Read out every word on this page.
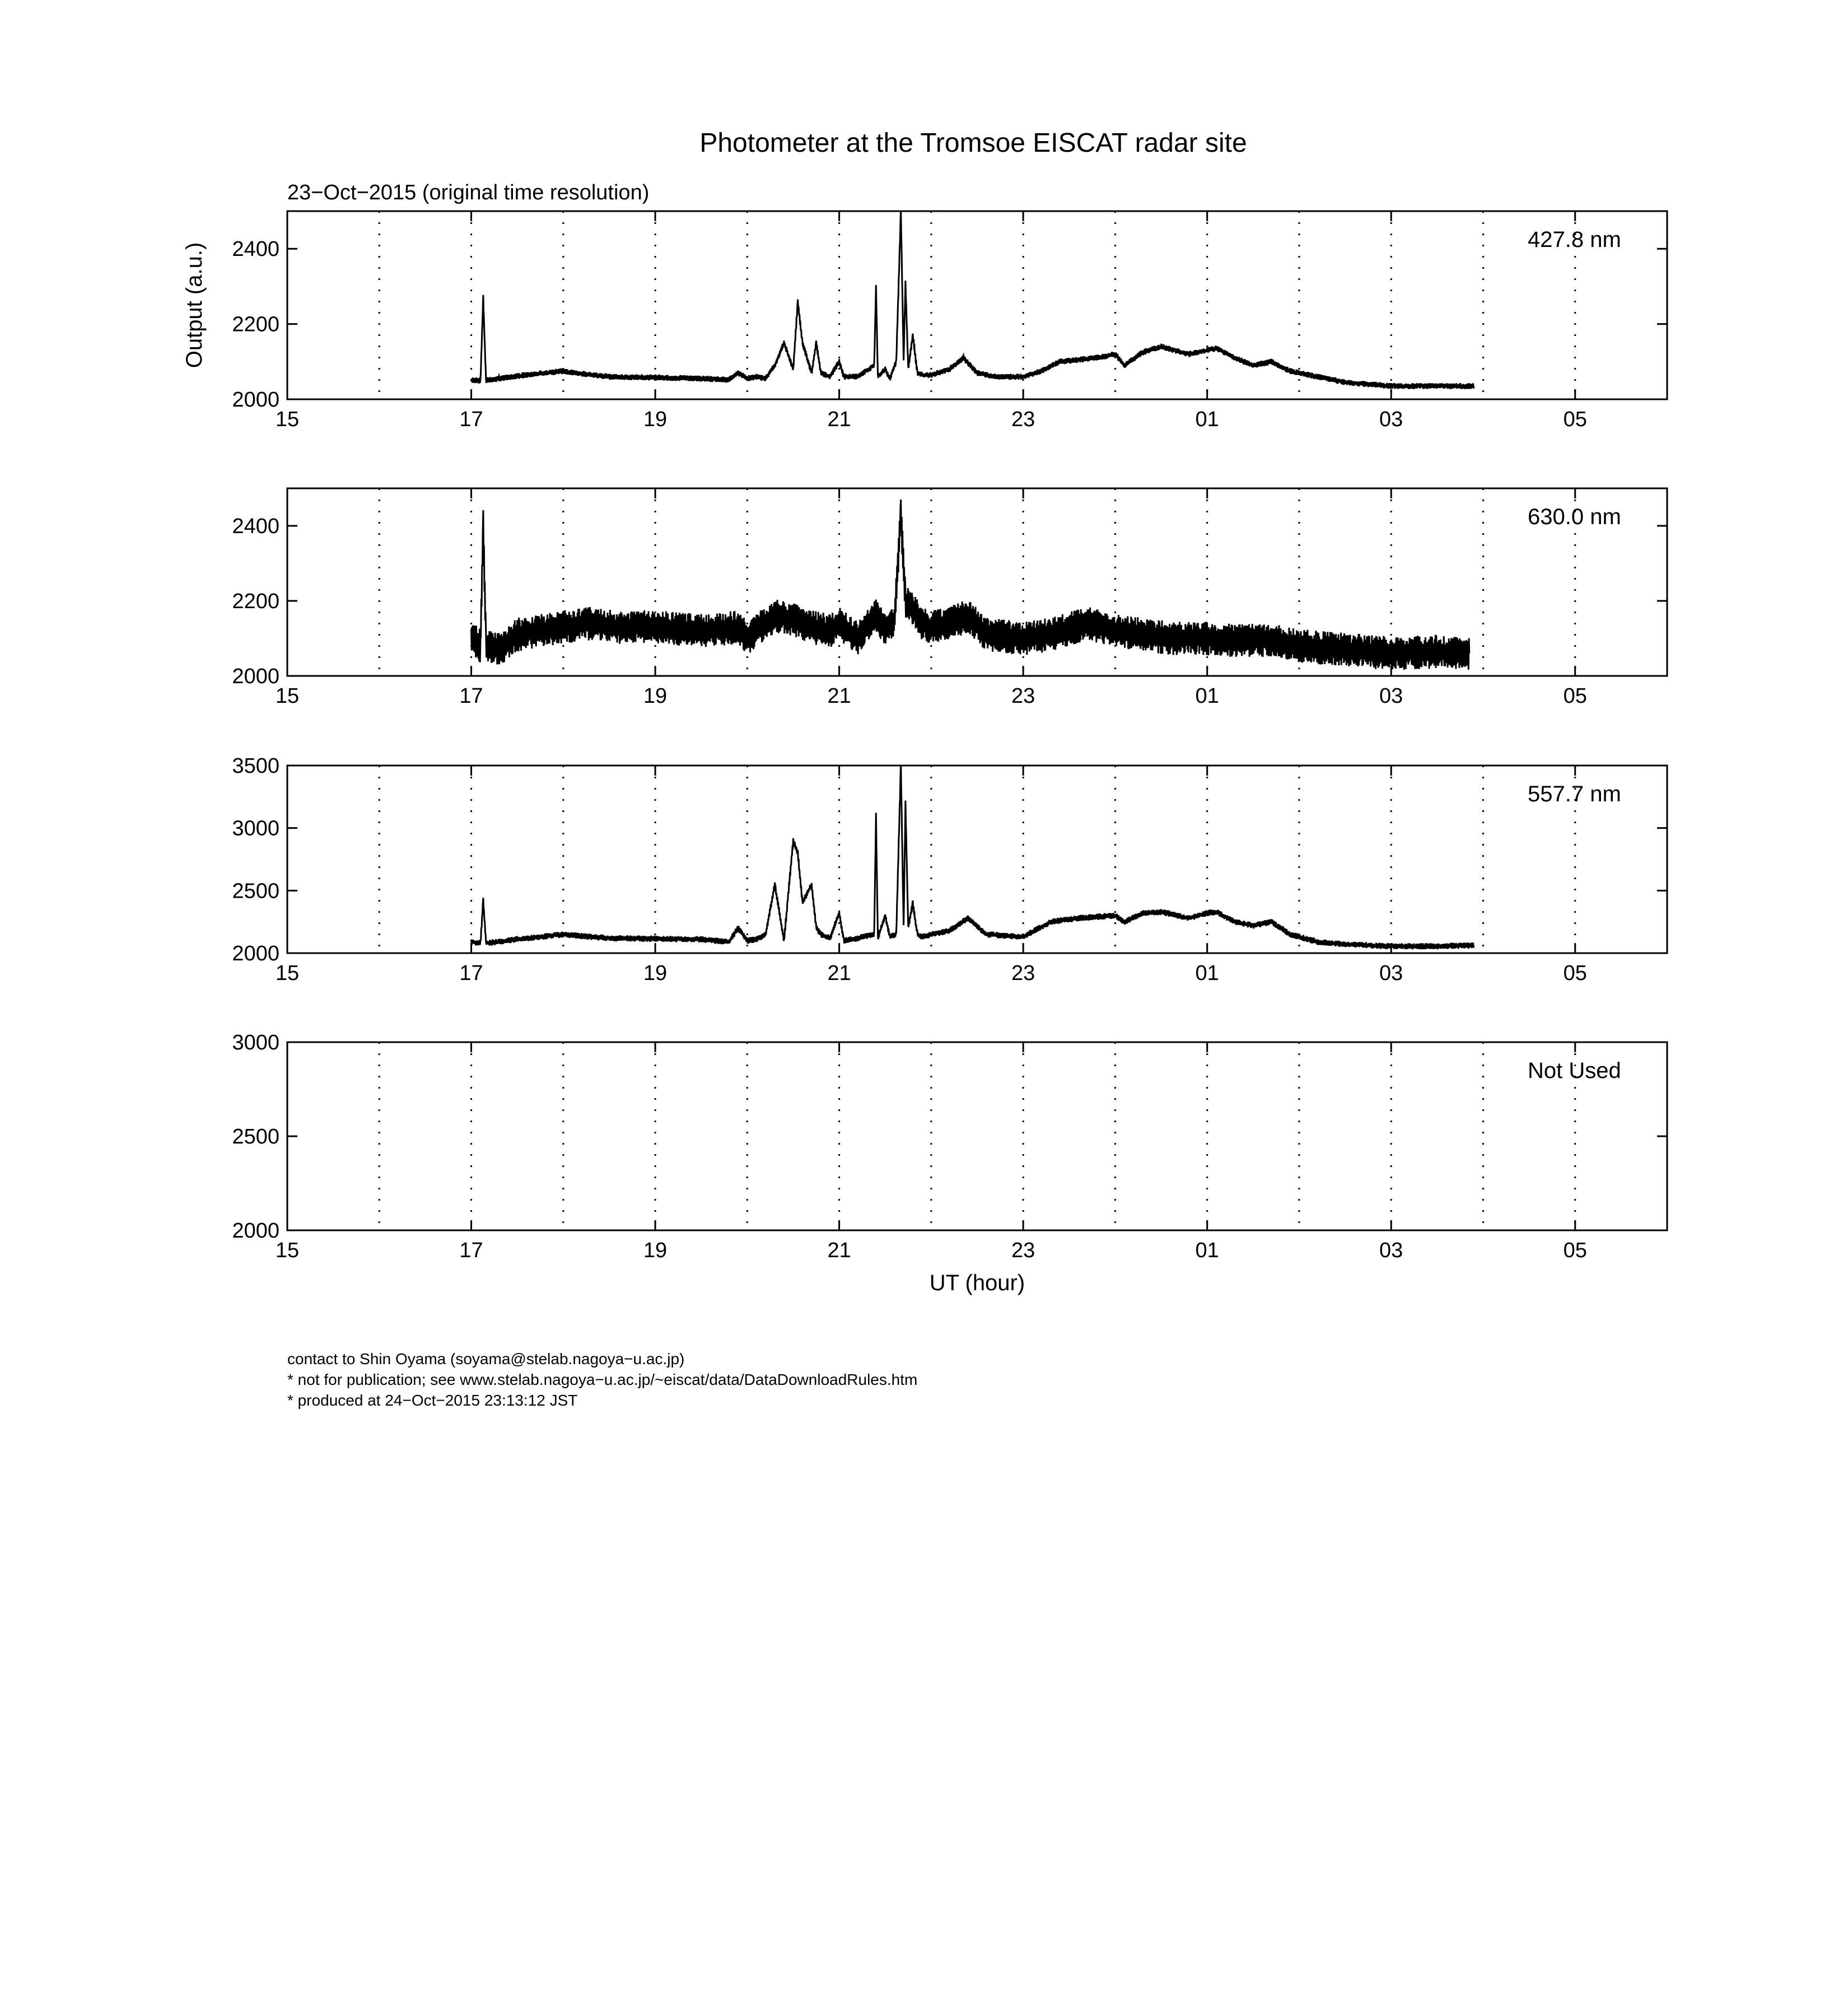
Photometer at the Tromsoe EISCAT radar site
23−Oct−2015 (original time resolution)
15	17	19	21	23	01	03	05
2000
2200
2400	427.8 nm
Output (a.u.)
15	17	19	21	23	01	03	05
2000
2200
2400	630.0 nm
15	17	19	21	23	01	03	05
2000
2500
3000
3500
557.7 nm
15	17	19	21	23	01	03	05
2000
2500
3000
Not Used
UT (hour)
contact to Shin Oyama (soyama@stelab.nagoya−u.ac.jp)
* not for publication; see www.stelab.nagoya−u.ac.jp/~eiscat/data/DataDownloadRules.htm
* produced at 24−Oct−2015 23:13:12 JST
